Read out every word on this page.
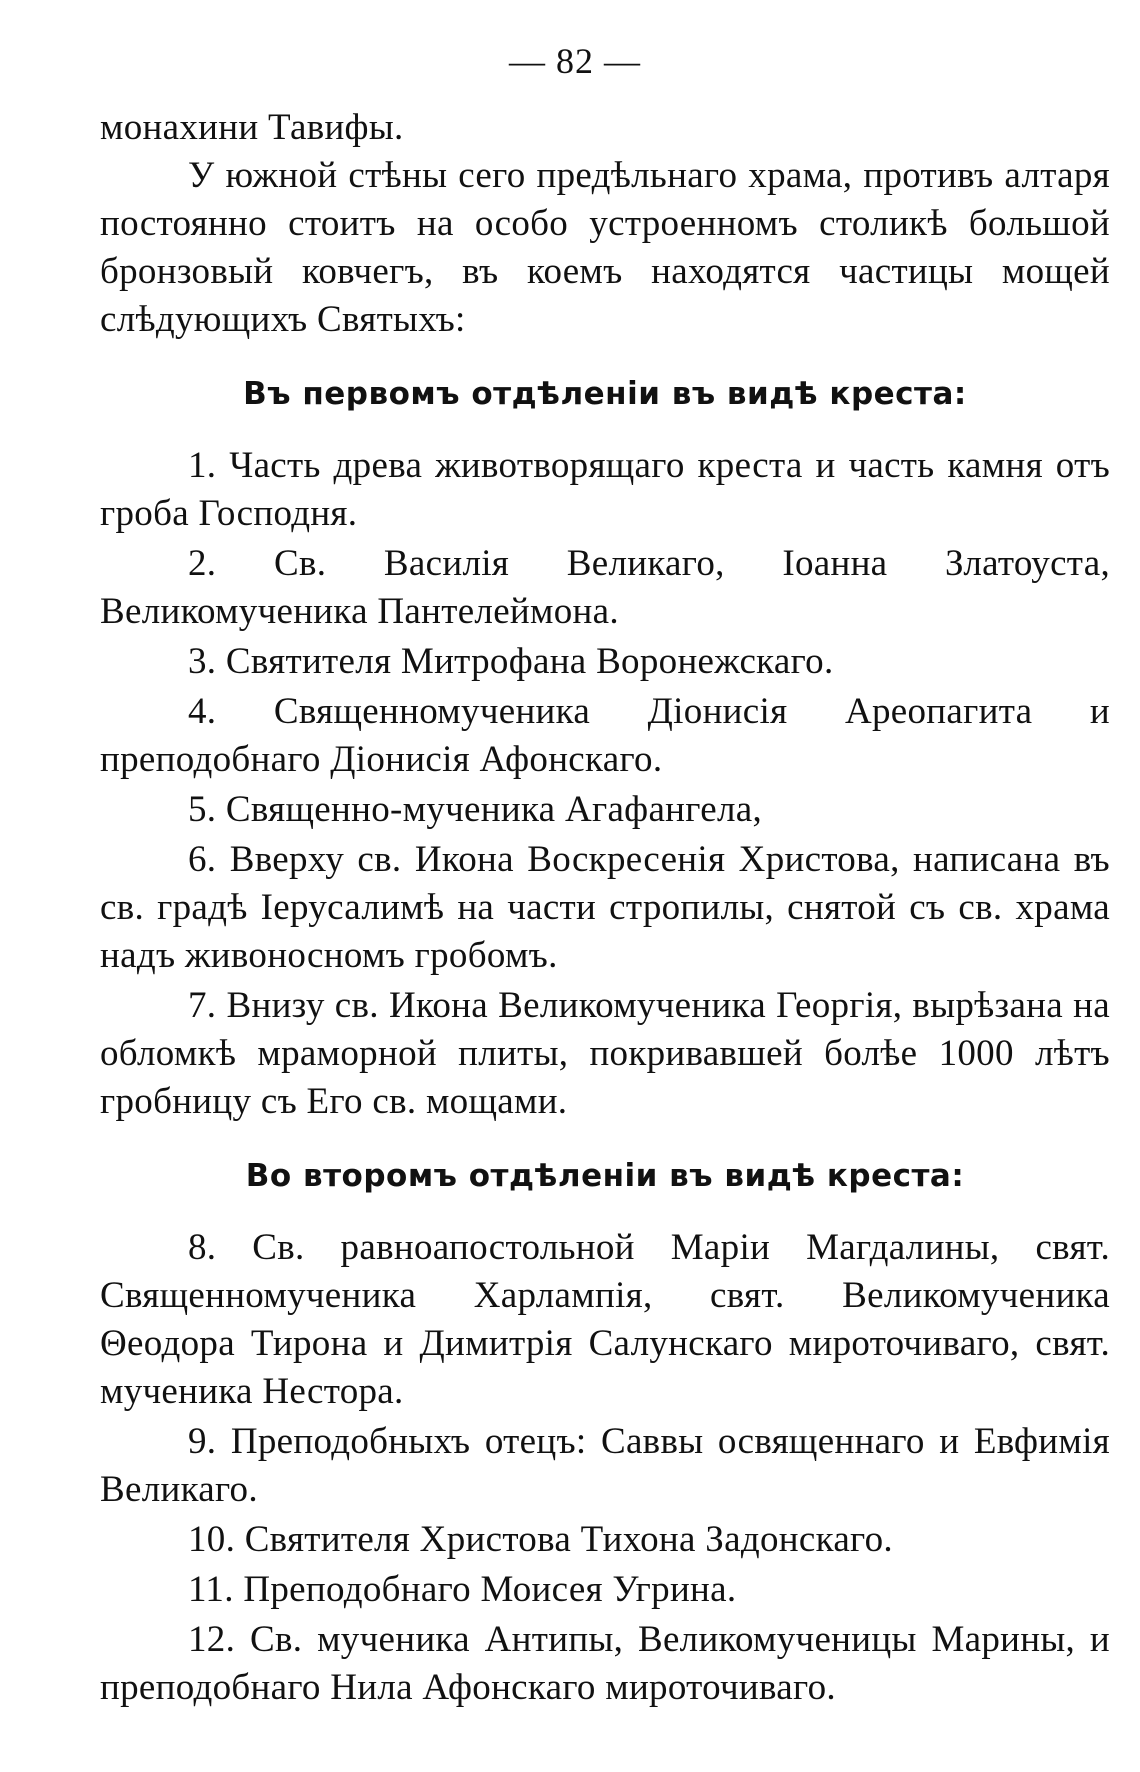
— 82 —

монахини Тавифы.

У южной стѣны сего предѣльнаго храма, противъ алтаря постоянно стоитъ на особо устроенномъ столикѣ большой бронзовый ковчегъ, въ коемъ находятся частицы мощей слѣдующихъ Святыхъ:

Въ первомъ отдѣленіи въ видѣ креста:

1. Часть древа животворящаго креста и часть камня отъ гроба Господня.

2. Св. Василія Великаго, Іоанна Златоуста, Великомученика Пантелеймона.

3. Святителя Митрофана Воронежскаго.

4. Священномученика Діонисія Ареопагита и преподобнаго Діонисія Афонскаго.

5. Священно-мученика Агафангела,

6. Вверху св. Икона Воскресенія Христова, написана въ св. градѣ Іерусалимѣ на части стропилы, снятой съ св. храма надъ живоносномъ гробомъ.

7. Внизу св. Икона Великомученика Георгія, вырѣзана на обломкѣ мраморной плиты, покривавшей болѣе 1000 лѣтъ гробницу съ Его св. мощами.

Во второмъ отдѣленіи въ видѣ креста:

8. Св. равноапостольной Маріи Магдалины, свят. Священномученика Харлампія, свят. Великомученика Θеодора Тирона и Димитрія Салунскаго мироточиваго, свят. мученика Нестора.

9. Преподобныхъ отецъ: Саввы освященнаго и Евфимія Великаго.

10. Святителя Христова Тихона Задонскаго.

11. Преподобнаго Моисея Угрина.

12. Св. мученика Антипы, Великомученицы Марины, и преподобнаго Нила Афонскаго мироточиваго.
